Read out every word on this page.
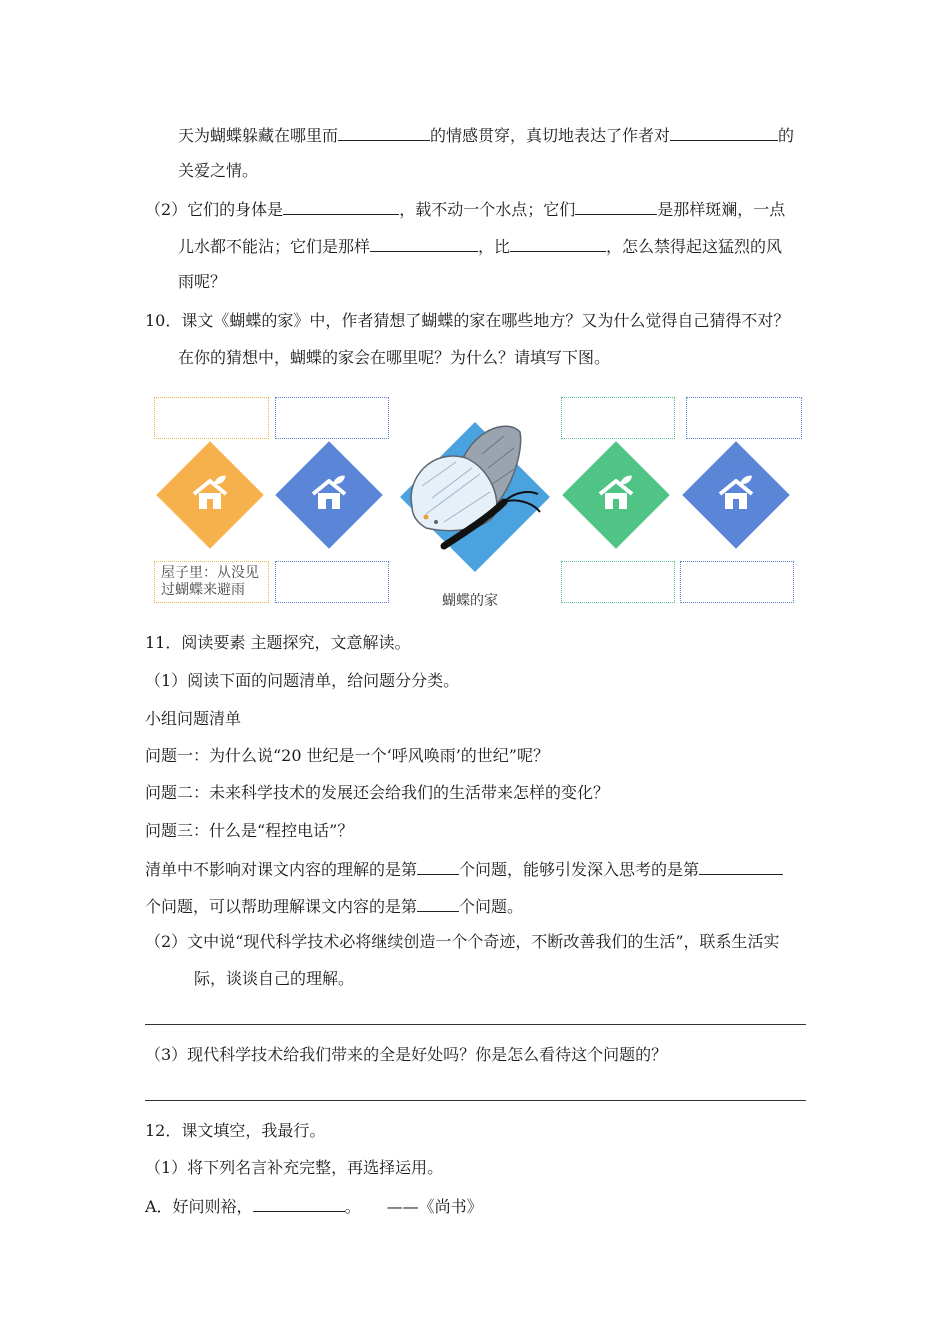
天为蝴蝶躲藏在哪里而	的情感贯穿，真切地表达了作者对	的
关爱之情。
（2）它们的身体是	，载不动一个水点；它们	是那样斑斓，一点
儿水都不能沾；它们是那样	，比	，怎么禁得起这猛烈的风
雨呢？
10．课文《蝴蝶的家》中，作者猜想了蝴蝶的家在哪些地方？又为什么觉得自己猜得不对？
在你的猜想中，蝴蝶的家会在哪里呢？为什么？请填写下图。
屋子里：从没见
过蝴蝶来避雨
蝴蝶的家
11．阅读要素 主题探究，文意解读。
（1）阅读下面的问题清单，给问题分分类。
小组问题清单
问题一：为什么说“20 世纪是一个‘呼风唤雨’的世纪”呢？
问题二：未来科学技术的发展还会给我们的生活带来怎样的变化？
问题三：什么是“程控电话”？
清单中不影响对课文内容的理解的是第	个问题，能够引发深入思考的是第
个问题，可以帮助理解课文内容的是第	个问题。
（2）文中说“现代科学技术必将继续创造一个个奇迹，不断改善我们的生活”，联系生活实
际，谈谈自己的理解。
（3）现代科学技术给我们带来的全是好处吗？你是怎么看待这个问题的？
12．课文填空，我最行。
（1）将下列名言补充完整，再选择运用。
A．好问则裕，	。 ——《尚书》
